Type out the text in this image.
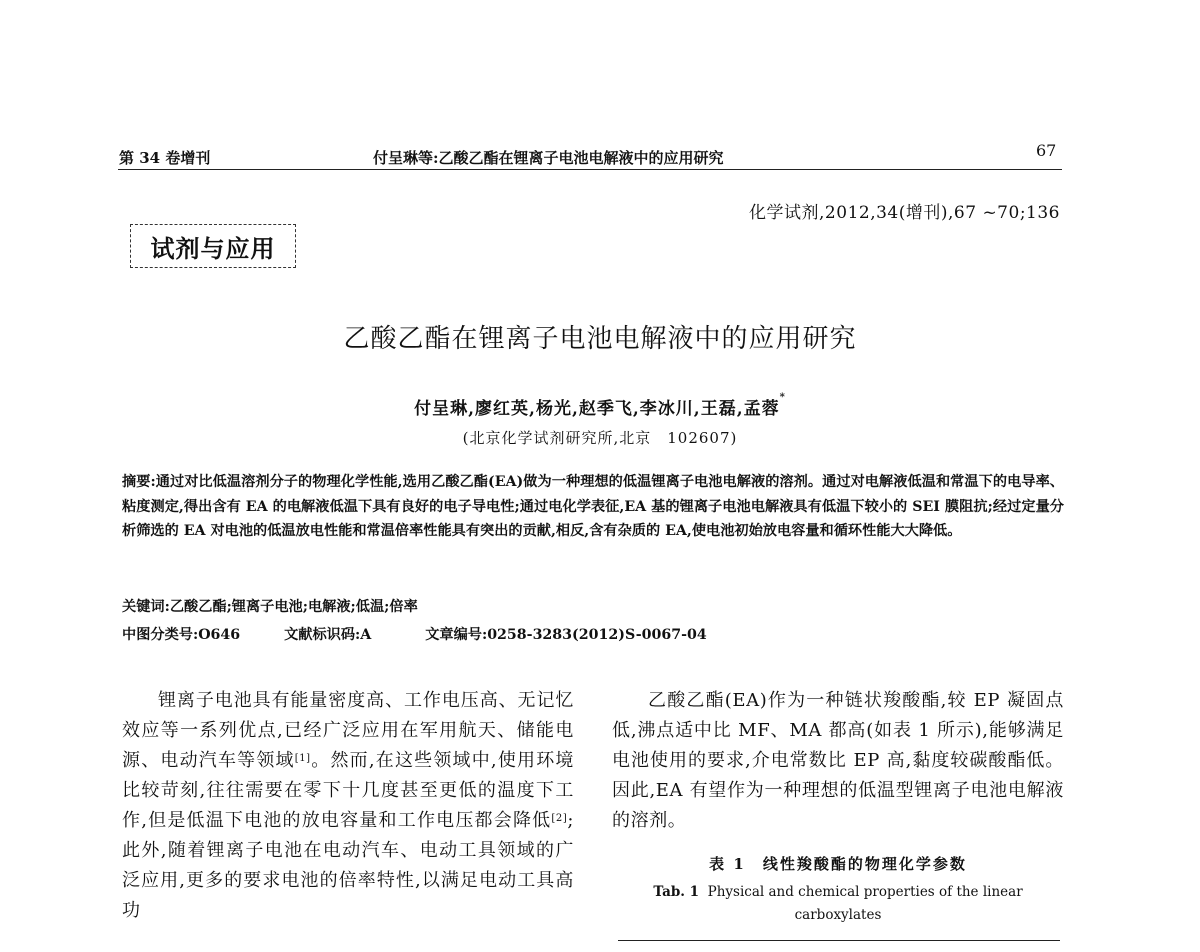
第 34 卷增刊	付呈琳等:乙酸乙酯在锂离子电池电解液中的应用研究	67
化学试剂,2012,34(增刊),67 ~70;136
试剂与应用
乙酸乙酯在锂离子电池电解液中的应用研究
付呈琳,廖红英,杨光,赵季飞,李冰川,王磊,孟蓉*
(北京化学试剂研究所,北京　102607)

摘要:通过对比低温溶剂分子的物理化学性能,选用乙酸乙酯(EA)做为一种理想的低温锂离子电池电解液的溶剂。通过对电解液低温和常温下的电导率、粘度测定,得出含有 EA 的电解液低温下具有良好的电子导电性;通过电化学表征,EA 基的锂离子电池电解液具有低温下较小的 SEI 膜阻抗;经过定量分析筛选的 EA 对电池的低温放电性能和常温倍率性能具有突出的贡献,相反,含有杂质的 EA,使电池初始放电容量和循环性能大大降低。

关键词:乙酸乙酯;锂离子电池;电解液;低温;倍率
中图分类号:O646	文献标识码:A	文章编号:0258-3283(2012)S-0067-04

锂离子电池具有能量密度高、工作电压高、无记忆效应等一系列优点,已经广泛应用在军用航天、储能电源、电动汽车等领域[1]。然而,在这些领域中,使用环境比较苛刻,往往需要在零下十几度甚至更低的温度下工作,但是低温下电池的放电容量和工作电压都会降低[2];此外,随着锂离子电池在电动汽车、电动工具领域的广泛应用,更多的要求电池的倍率特性,以满足电动工具高功

乙酸乙酯(EA)作为一种链状羧酸酯,较 EP 凝固点低,沸点适中比 MF、MA 都高(如表 1 所示),能够满足电池使用的要求,介电常数比 EP 高,黏度较碳酸酯低。因此,EA 有望作为一种理想的低温型锂离子电池电解液的溶剂。

表 1　线性羧酸酯的物理化学参数
Tab. 1 Physical and chemical properties of the linear carboxylates
